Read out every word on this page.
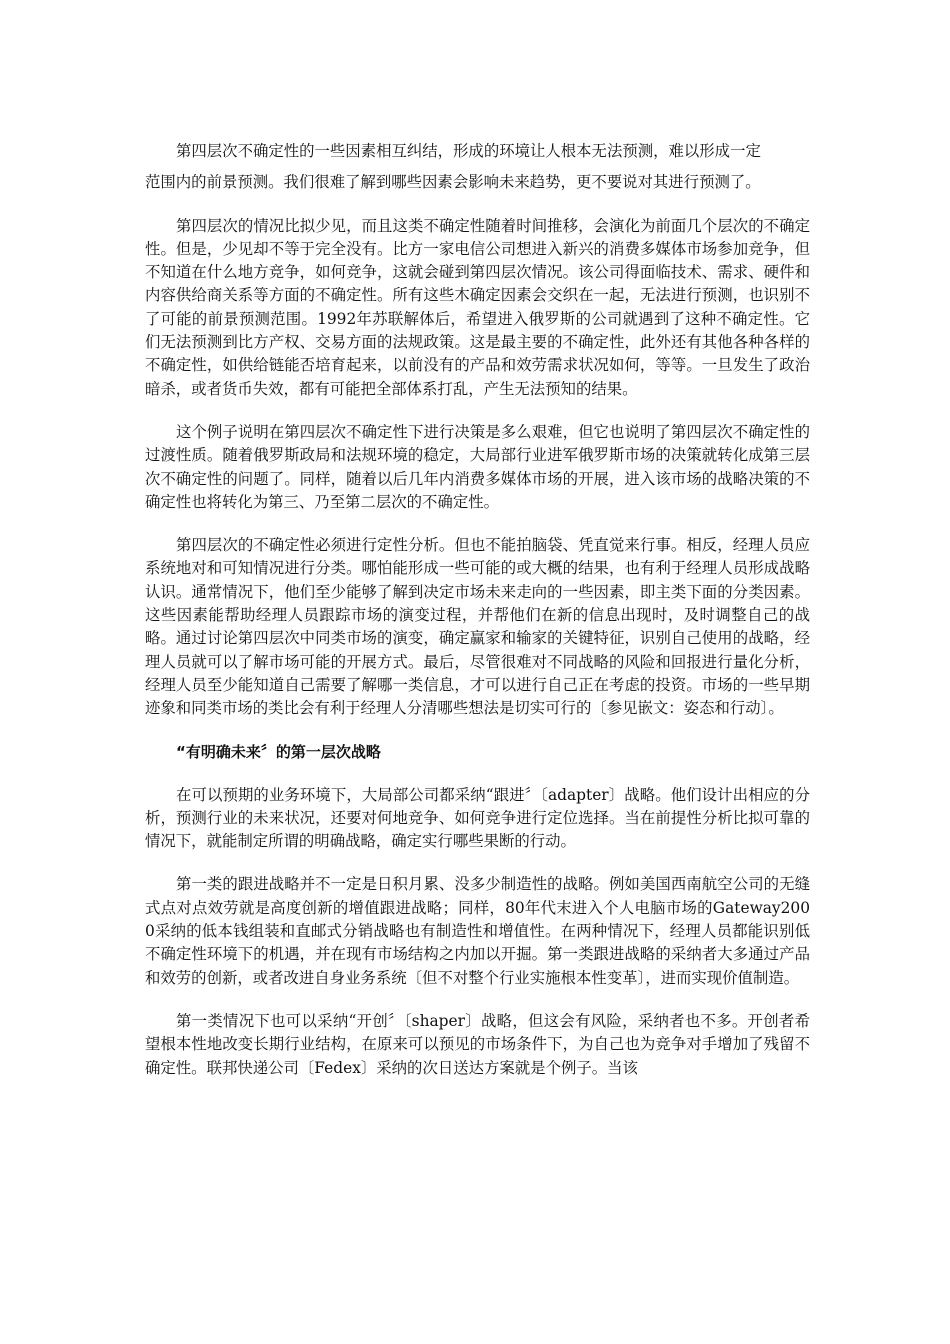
第四层次不确定性的一些因素相互纠结，形成的环境让人根本无法预测，难以形成一定
范围内的前景预测。我们很难了解到哪些因素会影响未来趋势，更不要说对其进行预测了。

第四层次的情况比拟少见，而且这类不确定性随着时间推移，会演化为前面几个层次的不确定性。但是，少见却不等于完全没有。比方一家电信公司想进入新兴的消费多媒体市场参加竞争，但不知道在什么地方竞争，如何竞争，这就会碰到第四层次情况。该公司得面临技术、需求、硬件和内容供给商关系等方面的不确定性。所有这些木确定因素会交织在一起，无法进行预测，也识别不了可能的前景预测范围。1992年苏联解体后，希望进入俄罗斯的公司就遇到了这种不确定性。它们无法预测到比方产权、交易方面的法规政策。这是最主要的不确定性，此外还有其他各种各样的不确定性，如供给链能否培育起来，以前没有的产品和效劳需求状况如何，等等。一旦发生了政治暗杀，或者货币失效，都有可能把全部体系打乱，产生无法预知的结果。

这个例子说明在第四层次不确定性下进行决策是多么艰难，但它也说明了第四层次不确定性的过渡性质。随着俄罗斯政局和法规环境的稳定，大局部行业进军俄罗斯市场的决策就转化成第三层次不确定性的问题了。同样，随着以后几年内消费多媒体市场的开展，进入该市场的战略决策的不确定性也将转化为第三、乃至第二层次的不确定性。

第四层次的不确定性必须进行定性分析。但也不能拍脑袋、凭直觉来行事。相反，经理人员应系统地对和可知情况进行分类。哪怕能形成一些可能的或大概的结果，也有利于经理人员形成战略认识。通常情况下，他们至少能够了解到决定市场未来走向的一些因素，即主类下面的分类因素。这些因素能帮助经理人员跟踪市场的演变过程，并帮他们在新的信息出现时，及时调整自己的战略。通过讨论第四层次中同类市场的演变，确定赢家和输家的关键特征，识别自己使用的战略，经理人员就可以了解市场可能的开展方式。最后，尽管很难对不同战略的风险和回报进行量化分析，经理人员至少能知道自己需要了解哪一类信息，才可以进行自己正在考虑的投资。市场的一些早期迹象和同类市场的类比会有利于经理人分清哪些想法是切实可行的〔参见嵌文：姿态和行动〕。

“有明确未来〞的第一层次战略

在可以预期的业务环境下，大局部公司都采纳“跟进〞〔adapter〕战略。他们设计出相应的分析，预测行业的未来状况，还要对何地竞争、如何竞争进行定位选择。当在前提性分析比拟可靠的情况下，就能制定所谓的明确战略，确定实行哪些果断的行动。

第一类的跟进战略并不一定是日积月累、没多少制造性的战略。例如美国西南航空公司的无缝式点对点效劳就是高度创新的增值跟进战略；同样，80年代末进入个人电脑市场的Gateway2000采纳的低本钱组装和直邮式分销战略也有制造性和增值性。在两种情况下，经理人员都能识别低不确定性环境下的机遇，并在现有市场结构之内加以开掘。第一类跟进战略的采纳者大多通过产品和效劳的创新，或者改进自身业务系统〔但不对整个行业实施根本性变革〕，进而实现价值制造。

第一类情况下也可以采纳“开创〞〔shaper〕战略，但这会有风险，采纳者也不多。开创者希望根本性地改变长期行业结构，在原来可以预见的市场条件下，为自己也为竞争对手增加了残留不确定性。联邦快递公司〔Fedex〕采纳的次日送达方案就是个例子。当该
